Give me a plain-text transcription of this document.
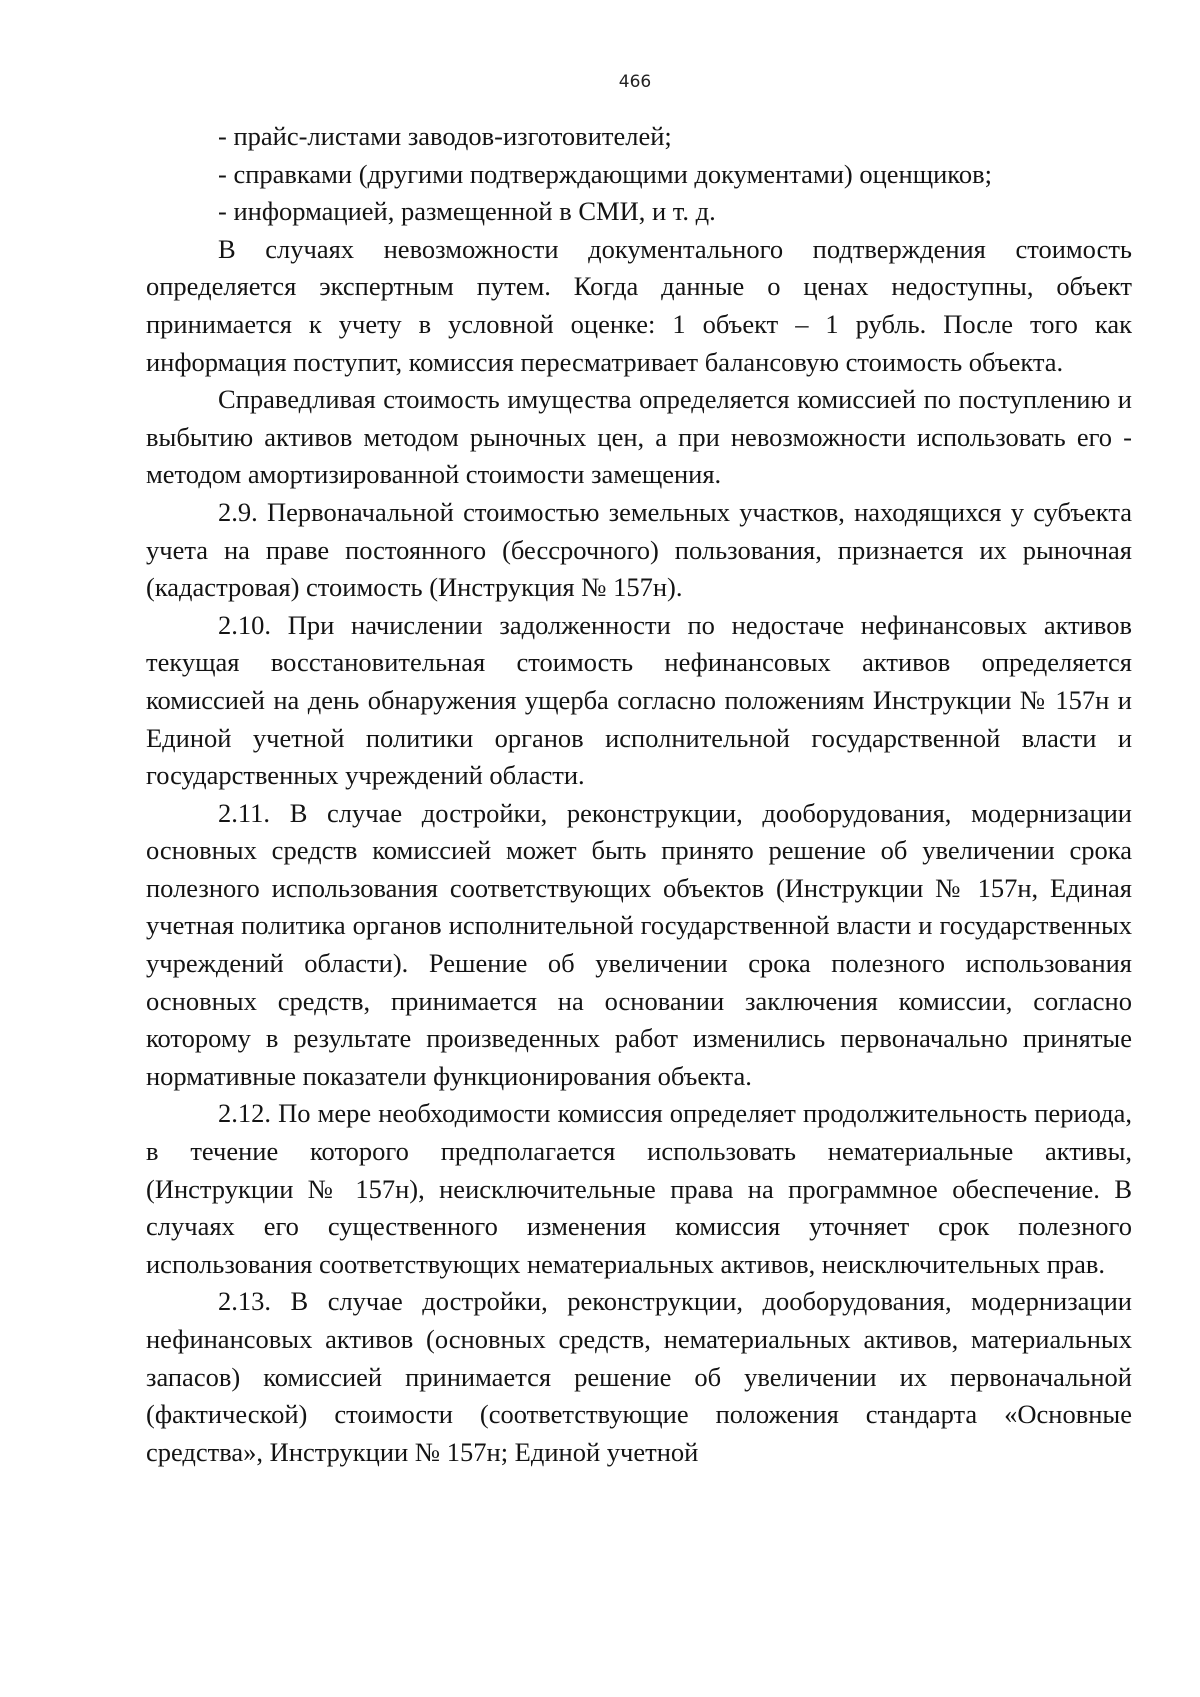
466

- прайс-листами заводов-изготовителей;

- справками (другими подтверждающими документами) оценщиков;

- информацией, размещенной в СМИ, и т. д.

В случаях невозможности документального подтверждения стоимость определяется экспертным путем. Когда данные о ценах недоступны, объект принимается к учету в условной оценке: 1 объект – 1 рубль. После того как информация поступит, комиссия пересматривает балансовую стоимость объекта.

Справедливая стоимость имущества определяется комиссией по поступлению и выбытию активов методом рыночных цен, а при невозможности использовать его - методом амортизированной стоимости замещения.

2.9. Первоначальной стоимостью земельных участков, находящихся у субъекта учета на праве постоянного (бессрочного) пользования, признается их рыночная (кадастровая) стоимость (Инструкция № 157н).

2.10. При начислении задолженности по недостаче нефинансовых активов текущая восстановительная стоимость нефинансовых активов определяется комиссией на день обнаружения ущерба согласно положениям Инструкции № 157н и Единой учетной политики органов исполнительной государственной власти и государственных учреждений области.

2.11. В случае достройки, реконструкции, дооборудования, модернизации основных средств комиссией может быть принято решение об увеличении срока полезного использования соответствующих объектов (Инструкции № 157н, Единая учетная политика органов исполнительной государственной власти и государственных учреждений области). Решение об увеличении срока полезного использования основных средств, принимается на основании заключения комиссии, согласно которому в результате произведенных работ изменились первоначально принятые нормативные показатели функционирования объекта.

2.12. По мере необходимости комиссия определяет продолжительность периода, в течение которого предполагается использовать нематериальные активы, (Инструкции № 157н), неисключительные права на программное обеспечение. В случаях его существенного изменения комиссия уточняет срок полезного использования соответствующих нематериальных активов, неисключительных прав.

2.13. В случае достройки, реконструкции, дооборудования, модернизации нефинансовых активов (основных средств, нематериальных активов, материальных запасов) комиссией принимается решение об увеличении их первоначальной (фактической) стоимости (соответствующие положения стандарта «Основные средства», Инструкции № 157н; Единой учетной
